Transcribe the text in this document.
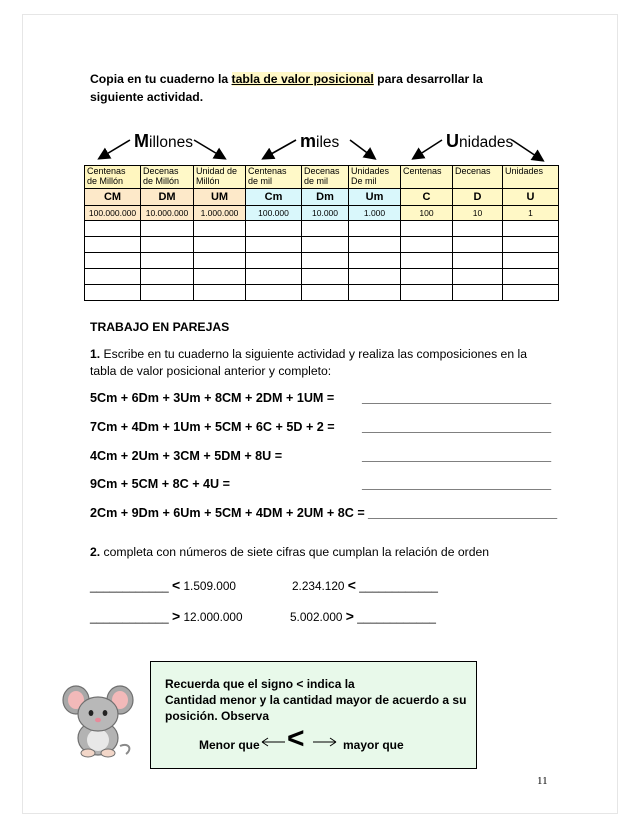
Copia en tu cuaderno la tabla de valor posicional para desarrollar la siguiente actividad.
Millones	miles	Unidades
Centenas de Millón	Decenas de Millón	Unidad de Millón	Centenas de mil	Decenas de mil	Unidades De mil	Centenas	Decenas	Unidades
CM	DM	UM	Cm	Dm	Um	C	D	U
100.000.000	10.000.000	1.000.000	100.000	10.000	1.000	100	10	1

TRABAJO EN PAREJAS
1. Escribe en tu cuaderno la siguiente actividad y realiza las composiciones en la tabla de valor posicional anterior y completo:
5Cm + 6Dm + 3Um + 8CM + 2DM + 1UM = ___________________________
7Cm + 4Dm + 1Um + 5CM + 6C + 5D + 2 = ___________________________
4Cm + 2Um + 3CM + 5DM + 8U =	___________________________
9Cm + 5CM + 8C + 4U =	___________________________
2Cm + 9Dm + 6Um + 5CM + 4DM + 2UM + 8C = ___________________________
2. completa con números de siete cifras que cumplan la relación de orden
____________ < 1.509.000	2.234.120 < ____________
____________ > 12.000.000	5.002.000 > ____________
Recuerda que el signo < indica la
Cantidad menor y la cantidad mayor de acuerdo a su posición. Observa
Menor que <	mayor que
11
